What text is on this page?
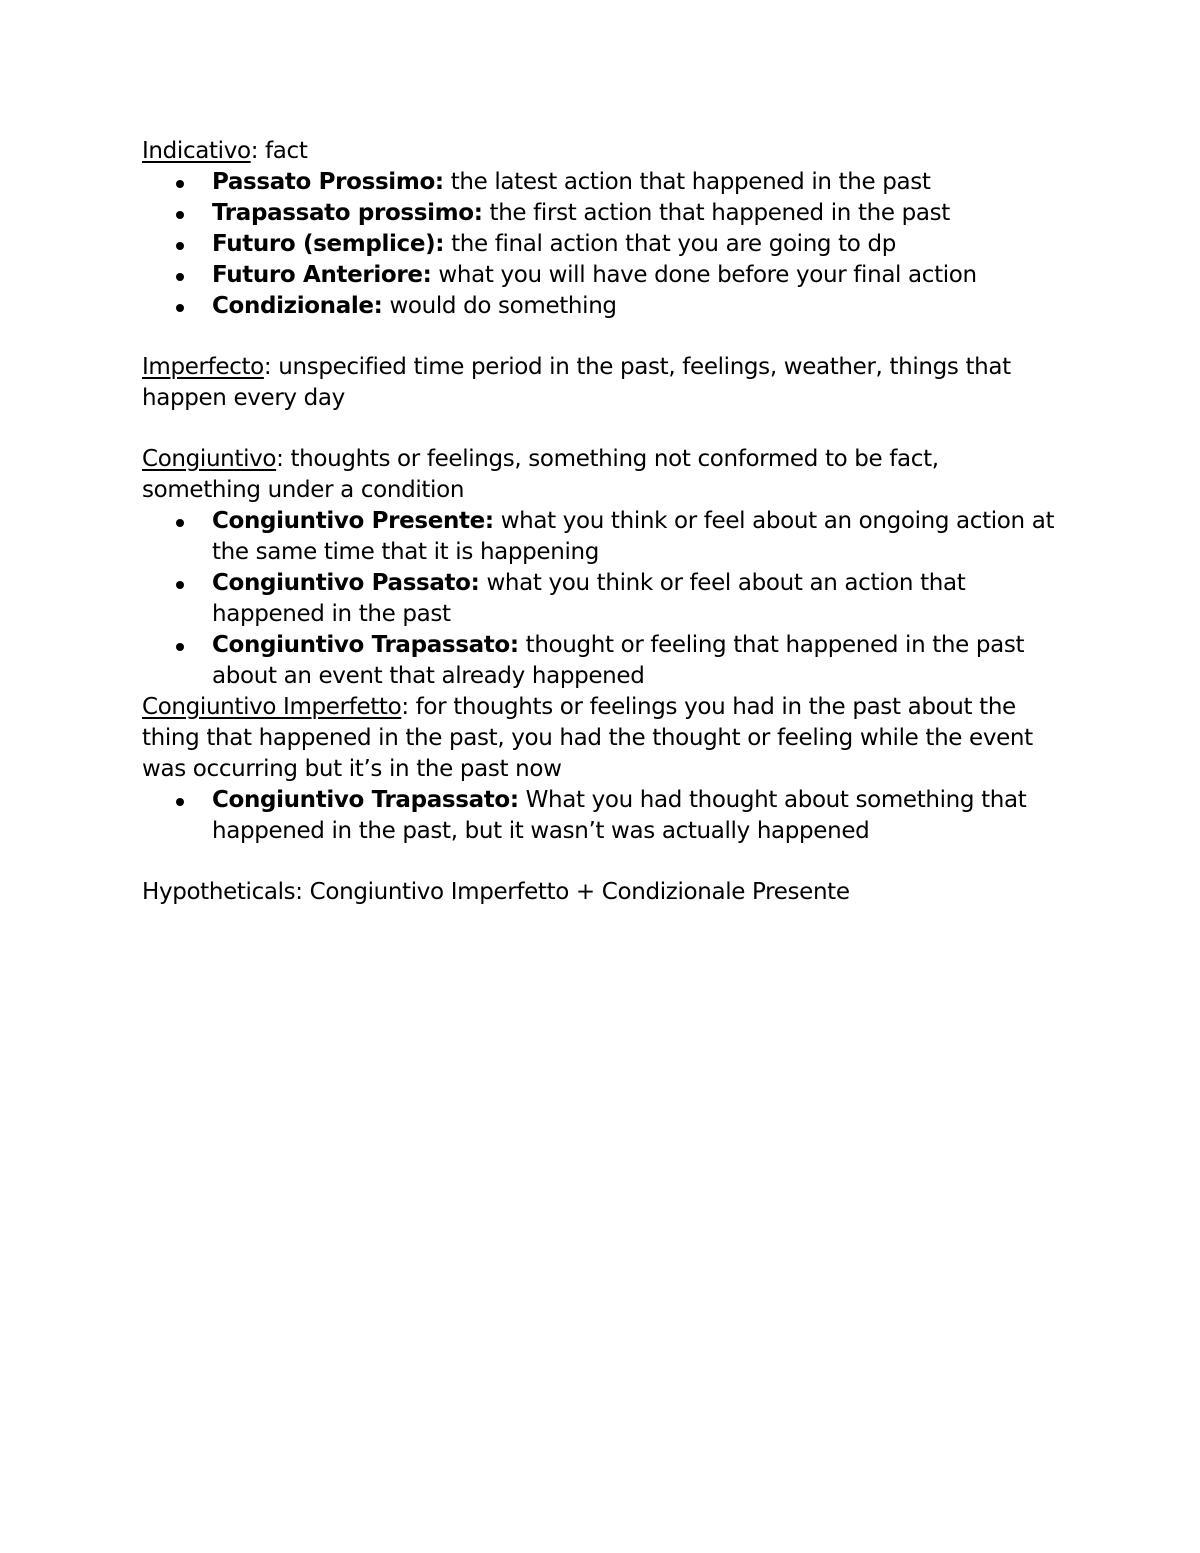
Indicativo: fact

Passato Prossimo: the latest action that happened in the past
Trapassato prossimo: the first action that happened in the past
Futuro (semplice): the final action that you are going to dp
Futuro Anteriore: what you will have done before your final action
Condizionale: would do something

Imperfecto: unspecified time period in the past, feelings, weather, things that happen every day

Congiuntivo: thoughts or feelings, something not conformed to be fact, something under a condition

Congiuntivo Presente: what you think or feel about an ongoing action at the same time that it is happening
Congiuntivo Passato: what you think or feel about an action that happened in the past
Congiuntivo Trapassato: thought or feeling that happened in the past about an event that already happened

Congiuntivo Imperfetto: for thoughts or feelings you had in the past about the thing that happened in the past, you had the thought or feeling while the event was occurring but it’s in the past now

Congiuntivo Trapassato: What you had thought about something that happened in the past, but it wasn’t was actually happened

Hypotheticals: Congiuntivo Imperfetto + Condizionale Presente
